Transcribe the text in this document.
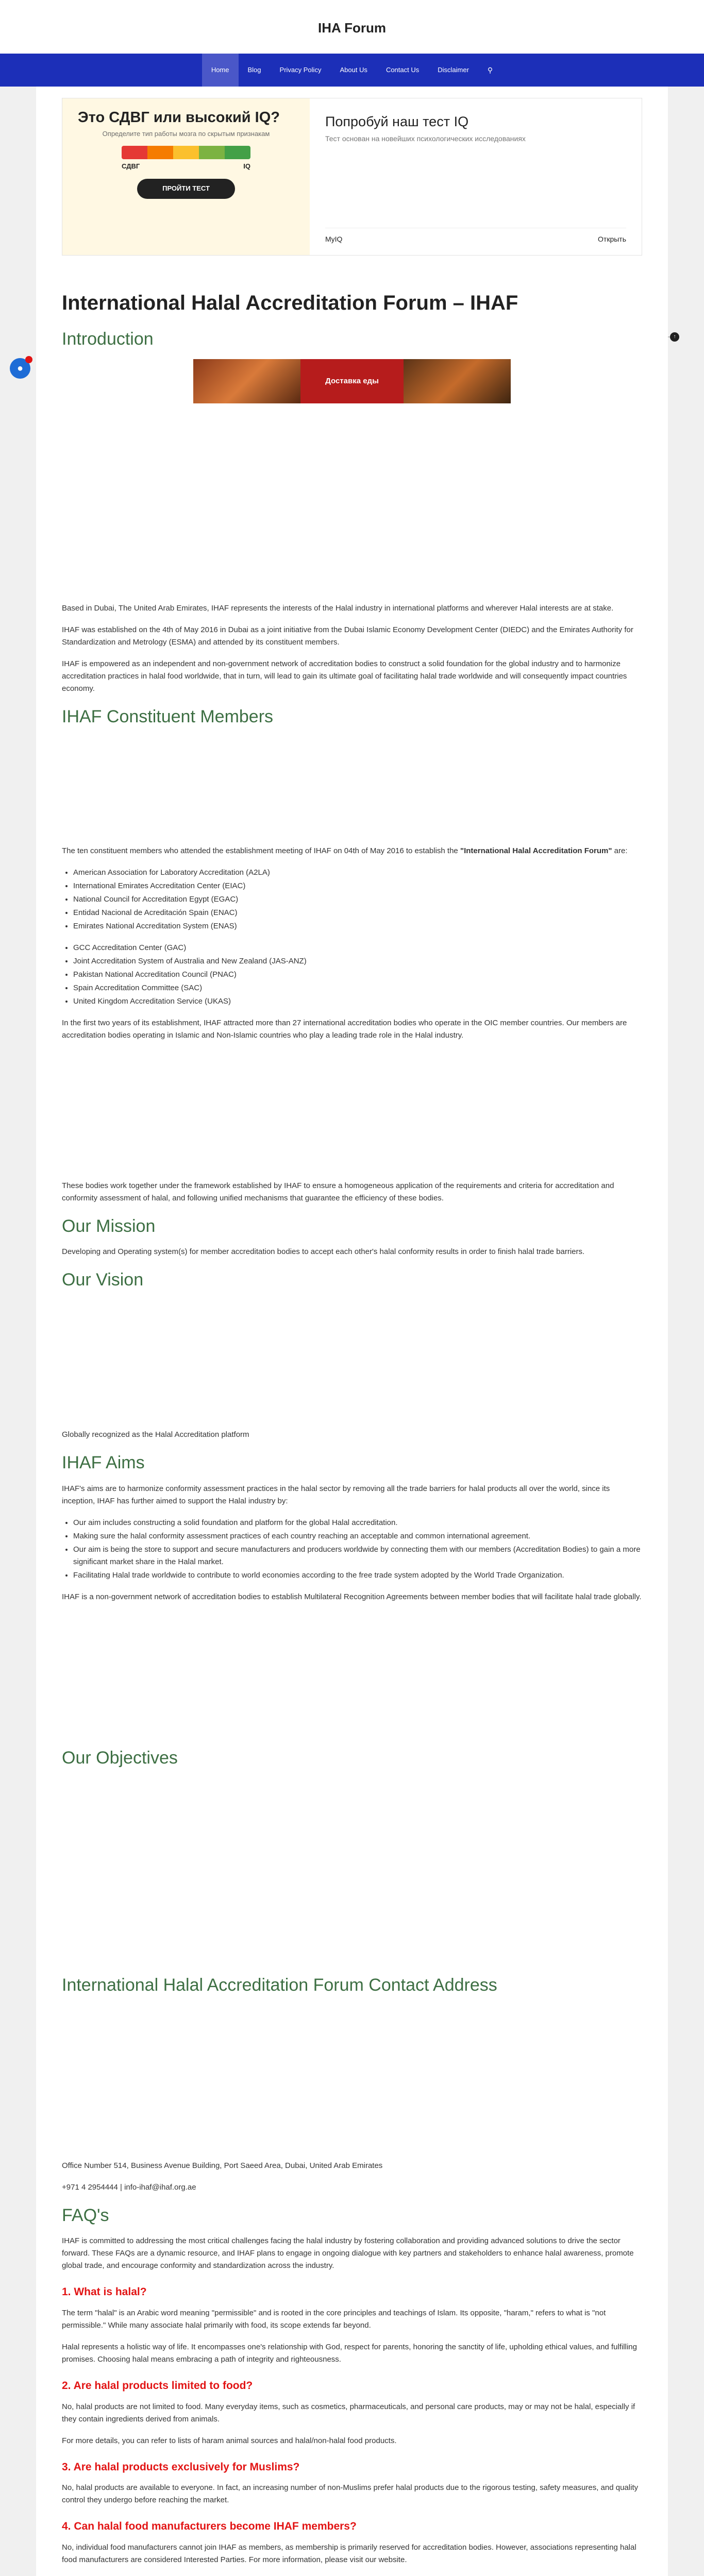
IHA Forum
Home	Blog	Privacy Policy	About Us	Contact Us	Disclaimer	⚲
Это СДВГ или высокий IQ?
Определите тип работы мозга по скрытым признакам
СДВГ	IQ
ПРОЙТИ ТЕСТ
Попробуй наш тест IQ
Тест основан на новейших психологических исследованиях
MyIQ	Открыть
↑
●
International Halal Accreditation Forum – IHAF
Introduction
Доставка еды

Based in Dubai, The United Arab Emirates, IHAF represents the interests of the Halal industry in international platforms and wherever Halal interests are at stake.

IHAF was established on the 4th of May 2016 in Dubai as a joint initiative from the Dubai Islamic Economy Development Center (DIEDC) and the Emirates Authority for Standardization and Metrology (ESMA) and attended by its constituent members.

IHAF is empowered as an independent and non-government network of accreditation bodies to construct a solid foundation for the global industry and to harmonize accreditation practices in halal food worldwide, that in turn, will lead to gain its ultimate goal of facilitating halal trade worldwide and will consequently impact countries economy.

IHAF Constituent Members

The ten constituent members who attended the establishment meeting of IHAF on 04th of May 2016 to establish the "International Halal Accreditation Forum" are:

• American Association for Laboratory Accreditation (A2LA)
• International Emirates Accreditation Center (EIAC)
• National Council for Accreditation Egypt (EGAC)
• Entidad Nacional de Acreditación Spain (ENAC)
• Emirates National Accreditation System (ENAS)
• GCC Accreditation Center (GAC)
• Joint Accreditation System of Australia and New Zealand (JAS-ANZ)
• Pakistan National Accreditation Council (PNAC)
• Spain Accreditation Committee (SAC)
• United Kingdom Accreditation Service (UKAS)

In the first two years of its establishment, IHAF attracted more than 27 international accreditation bodies who operate in the OIC member countries. Our members are accreditation bodies operating in Islamic and Non-Islamic countries who play a leading trade role in the Halal industry.

These bodies work together under the framework established by IHAF to ensure a homogeneous application of the requirements and criteria for accreditation and conformity assessment of halal, and following unified mechanisms that guarantee the efficiency of these bodies.

Our Mission

Developing and Operating system(s) for member accreditation bodies to accept each other's halal conformity results in order to finish halal trade barriers.

Our Vision

Globally recognized as the Halal Accreditation platform

IHAF Aims

IHAF's aims are to harmonize conformity assessment practices in the halal sector by removing all the trade barriers for halal products all over the world, since its inception, IHAF has further aimed to support the Halal industry by:

• Our aim includes constructing a solid foundation and platform for the global Halal accreditation.
• Making sure the halal conformity assessment practices of each country reaching an acceptable and common international agreement.
• Our aim is being the store to support and secure manufacturers and producers worldwide by connecting them with our members (Accreditation Bodies) to gain a more significant market share in the Halal market.
• Facilitating Halal trade worldwide to contribute to world economies according to the free trade system adopted by the World Trade Organization.

IHAF is a non-government network of accreditation bodies to establish Multilateral Recognition Agreements between member bodies that will facilitate halal trade globally.

Our Objectives
International Halal Accreditation Forum Contact Address

Office Number 514, Business Avenue Building, Port Saeed Area, Dubai, United Arab Emirates

+971 4 2954444 | info-ihaf@ihaf.org.ae

FAQ's

IHAF is committed to addressing the most critical challenges facing the halal industry by fostering collaboration and providing advanced solutions to drive the sector forward. These FAQs are a dynamic resource, and IHAF plans to engage in ongoing dialogue with key partners and stakeholders to enhance halal awareness, promote global trade, and encourage conformity and standardization across the industry.

1. What is halal?

The term "halal" is an Arabic word meaning "permissible" and is rooted in the core principles and teachings of Islam. Its opposite, "haram," refers to what is "not permissible." While many associate halal primarily with food, its scope extends far beyond.

Halal represents a holistic way of life. It encompasses one's relationship with God, respect for parents, honoring the sanctity of life, upholding ethical values, and fulfilling promises. Choosing halal means embracing a path of integrity and righteousness.

2. Are halal products limited to food?

No, halal products are not limited to food. Many everyday items, such as cosmetics, pharmaceuticals, and personal care products, may or may not be halal, especially if they contain ingredients derived from animals.

For more details, you can refer to lists of haram animal sources and halal/non-halal food products.

3. Are halal products exclusively for Muslims?

No, halal products are available to everyone. In fact, an increasing number of non-Muslims prefer halal products due to the rigorous testing, safety measures, and quality control they undergo before reaching the market.

4. Can halal food manufacturers become IHAF members?

No, individual food manufacturers cannot join IHAF as members, as membership is primarily reserved for accreditation bodies. However, associations representing halal food manufacturers are considered Interested Parties. For more information, please visit our website.
